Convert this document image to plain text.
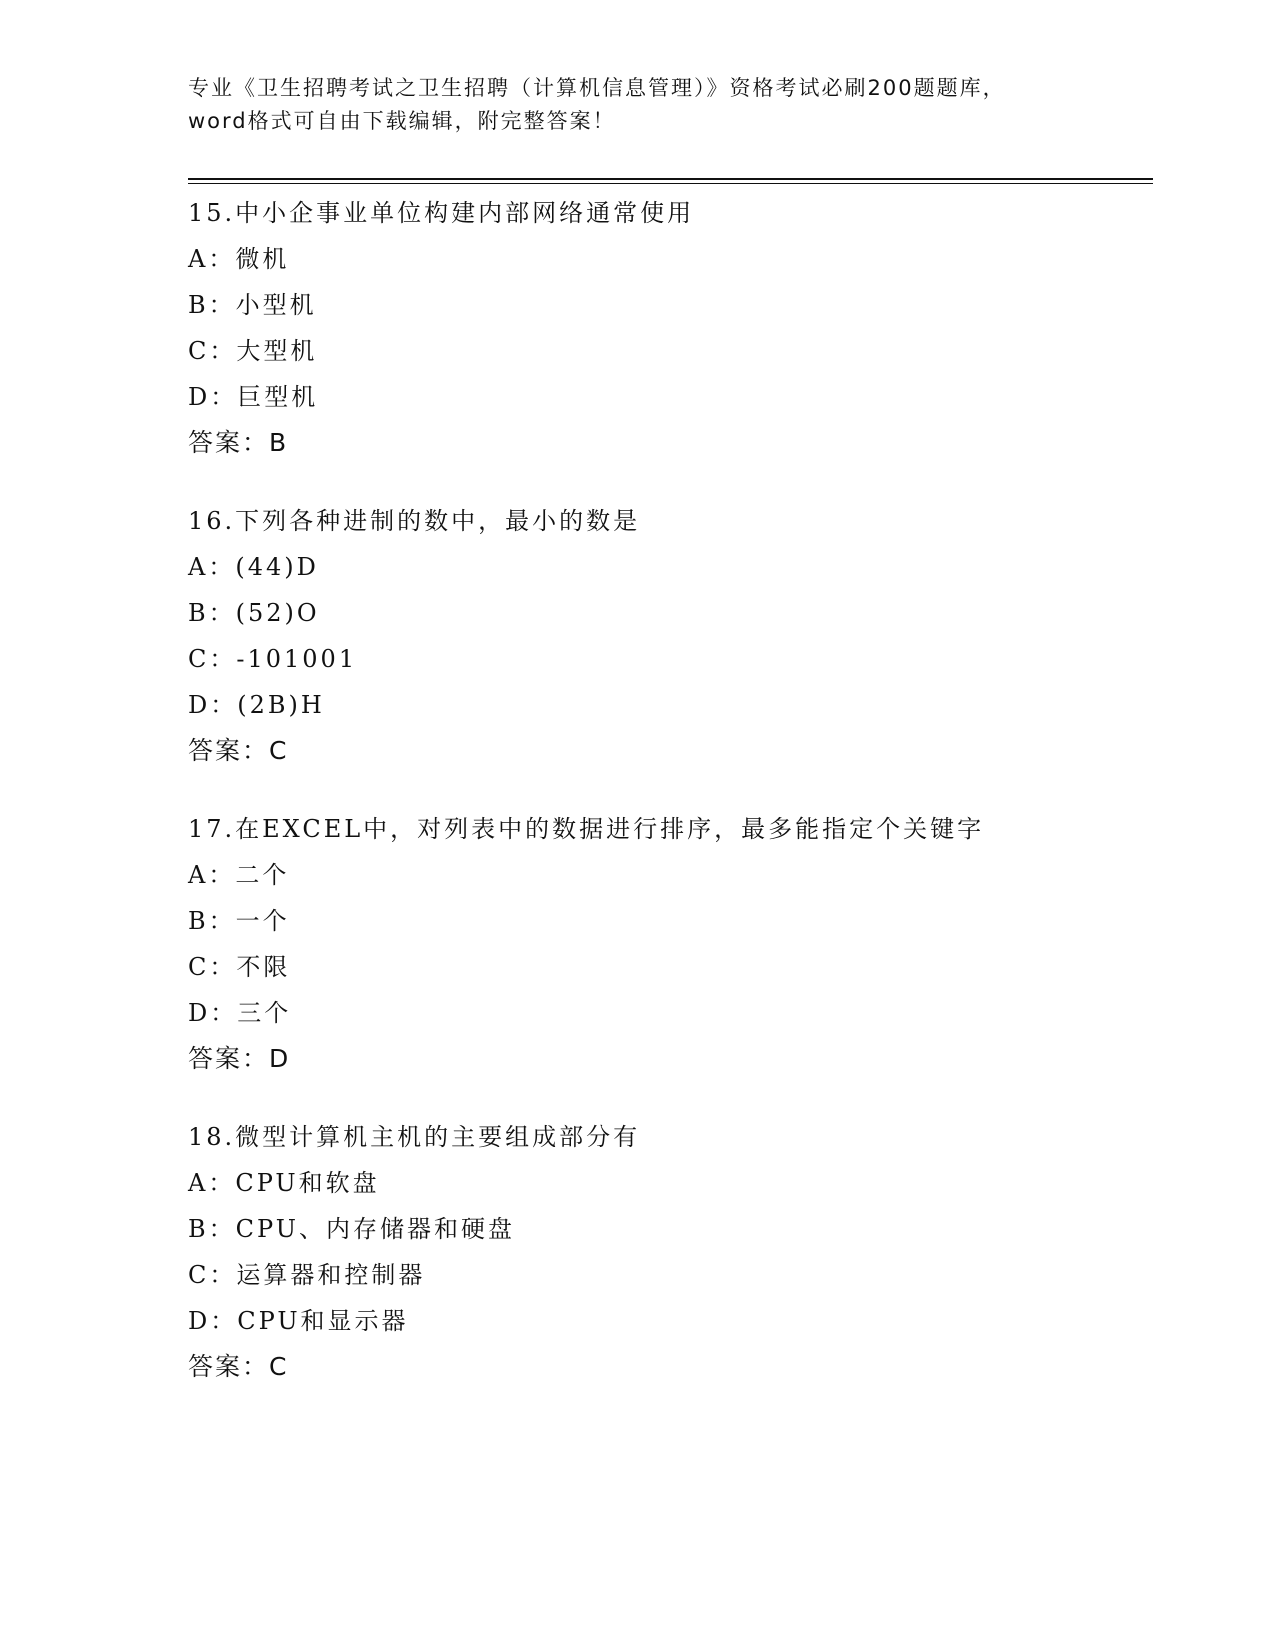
专业《卫生招聘考试之卫生招聘（计算机信息管理）》资格考试必刷200题题库，
word格式可自由下载编辑，附完整答案！
15.中小企事业单位构建内部网络通常使用
A：微机
B：小型机
C：大型机
D：巨型机
答案：B
16.下列各种进制的数中，最小的数是
A：(44)D
B：(52)O
C：-101001
D：(2B)H
答案：C
17.在EXCEL中，对列表中的数据进行排序，最多能指定个关键字
A：二个
B：一个
C：不限
D：三个
答案：D
18.微型计算机主机的主要组成部分有
A：CPU和软盘
B：CPU、内存储器和硬盘
C：运算器和控制器
D：CPU和显示器
答案：C
